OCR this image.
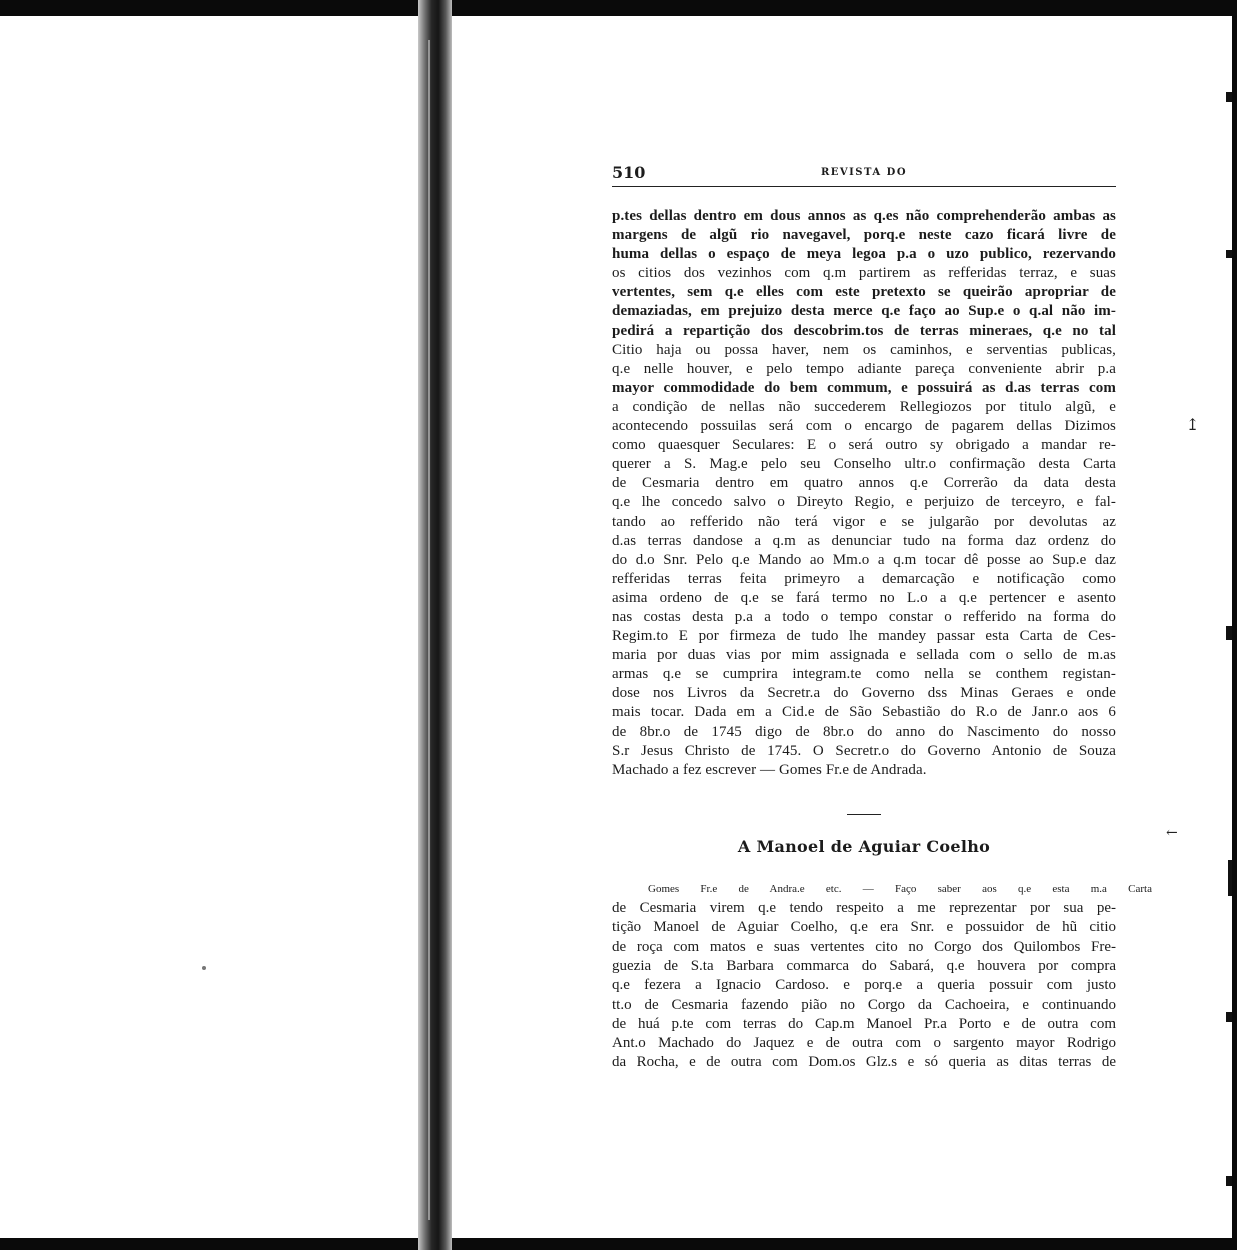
↥
←
510	REVISTA DO
p.tes dellas dentro em dous annos as q.es não comprehenderão ambas as
margens de algũ rio navegavel, porq.e neste cazo ficará livre de
huma dellas o espaço de meya legoa p.a o uzo publico, rezervando
os citios dos vezinhos com q.m partirem as refferidas terraz, e suas
vertentes, sem q.e elles com este pretexto se queirão apropriar de
demaziadas, em prejuizo desta merce q.e faço ao Sup.e o q.al não im-
pedirá a repartição dos descobrim.tos de terras mineraes, q.e no tal
Citio haja ou possa haver, nem os caminhos, e serventias publicas,
q.e nelle houver, e pelo tempo adiante pareça conveniente abrir p.a
mayor commodidade do bem commum, e possuirá as d.as terras com
a condição de nellas não succederem Rellegiozos por titulo algũ, e
acontecendo possuilas será com o encargo de pagarem dellas Dizimos
como quaesquer Seculares: E o será outro sy obrigado a mandar re-
querer a S. Mag.e pelo seu Conselho ultr.o confirmação desta Carta
de Cesmaria dentro em quatro annos q.e Correrão da data desta
q.e lhe concedo salvo o Direyto Regio, e perjuizo de terceyro, e fal-
tando ao refferido não terá vigor e se julgarão por devolutas az
d.as terras dandose a q.m as denunciar tudo na forma daz ordenz do
do d.o Snr. Pelo q.e Mando ao Mm.o a q.m tocar dê posse ao Sup.e daz
refferidas terras feita primeyro a demarcação e notificação como
asima ordeno de q.e se fará termo no L.o a q.e pertencer e asento
nas costas desta p.a a todo o tempo constar o refferido na forma do
Regim.to E por firmeza de tudo lhe mandey passar esta Carta de Ces-
maria por duas vias por mim assignada e sellada com o sello de m.as
armas q.e se cumprira integram.te como nella se conthem registan-
dose nos Livros da Secretr.a do Governo dss Minas Geraes e onde
mais tocar. Dada em a Cid.e de São Sebastião do R.o de Janr.o aos 6
de 8br.o de 1745 digo de 8br.o do anno do Nascimento do nosso
S.r Jesus Christo de 1745. O Secretr.o do Governo Antonio de Souza
Machado a fez escrever — Gomes Fr.e de Andrada.
A Manoel de Aguiar Coelho
Gomes Fr.e de Andra.e etc. — Faço saber aos q.e esta m.a Carta
de Cesmaria virem q.e tendo respeito a me reprezentar por sua pe-
tição Manoel de Aguiar Coelho, q.e era Snr. e possuidor de hũ citio
de roça com matos e suas vertentes cito no Corgo dos Quilombos Fre-
guezia de S.ta Barbara commarca do Sabará, q.e houvera por compra
q.e fezera a Ignacio Cardoso. e porq.e a queria possuir com justo
tt.o de Cesmaria fazendo pião no Corgo da Cachoeira, e continuando
de huá p.te com terras do Cap.m Manoel Pr.a Porto e de outra com
Ant.o Machado do Jaquez e de outra com o sargento mayor Rodrigo
da Rocha, e de outra com Dom.os Glz.s e só queria as ditas terras de
